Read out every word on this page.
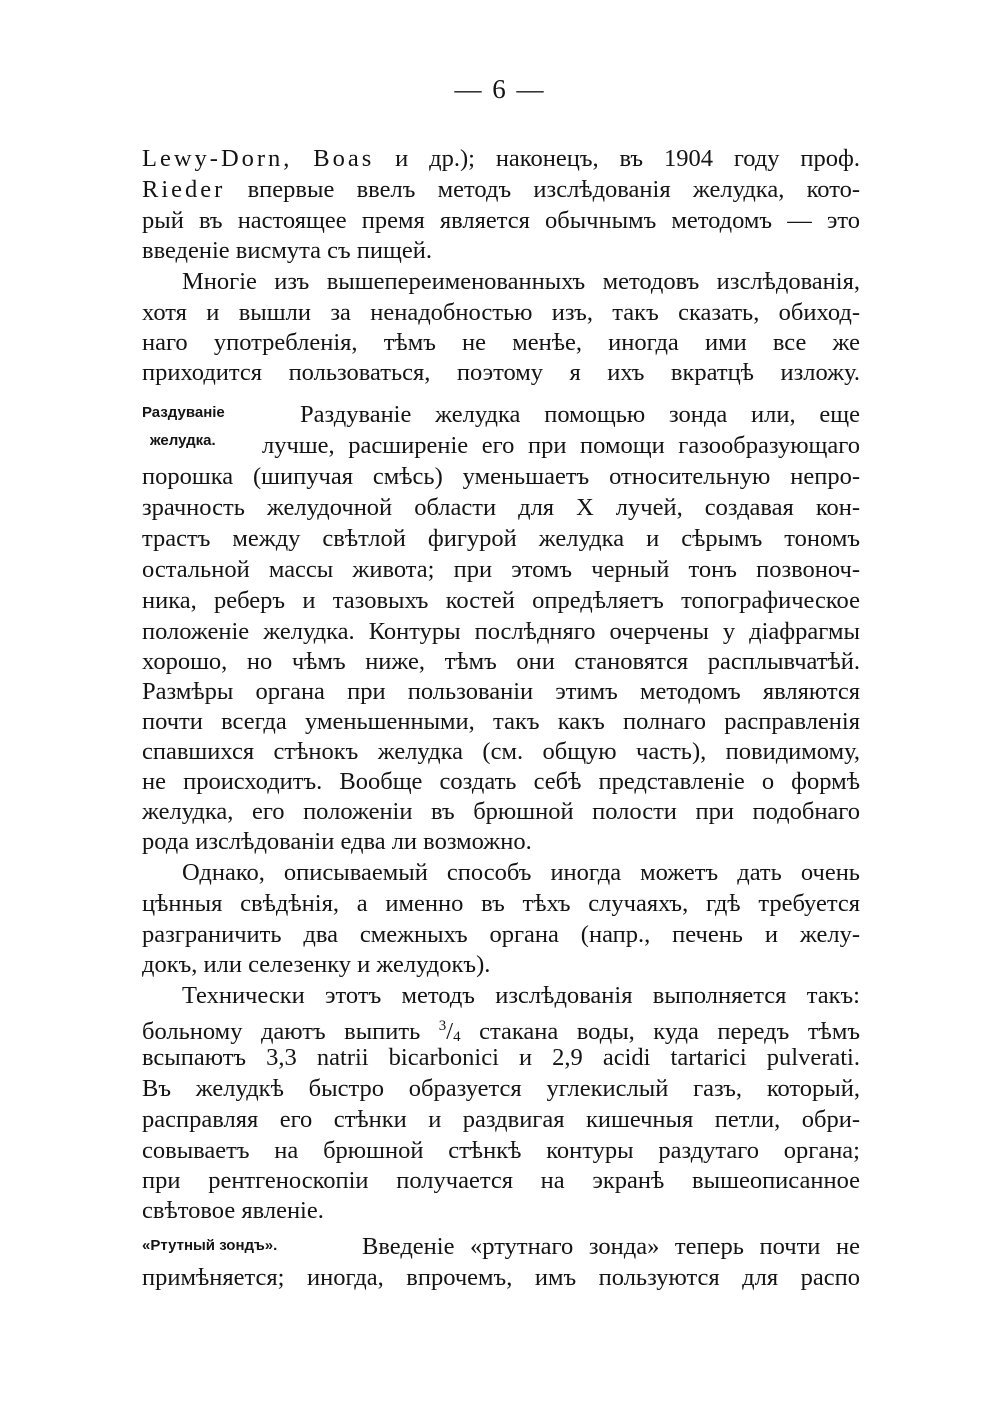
— 6 —
Lewy-Dorn, Boas и др.); наконецъ, въ 1904 году проф.
Rieder впервые ввелъ методъ изслѣдованія желудка, кото-
рый въ настоящее премя является обычнымъ методомъ — это
введеніе висмута съ пищей.
Многіе изъ вышепереименованныхъ методовъ изслѣдованія,
хотя и вышли за ненадобностью изъ, такъ сказать, обиход-
наго употребленія, тѣмъ не менѣе, иногда ими все же
приходится пользоваться, поэтому я ихъ вкратцѣ изложу.
Раздуваніе
желудка.
Раздуваніе желудка помощью зонда или, еще
лучше, расширеніе его при помощи газообразующаго
порошка (шипучая смѣсь) уменьшаетъ относительную непро-
зрачность желудочной области для X лучей, создавая кон-
трастъ между свѣтлой фигурой желудка и сѣрымъ тономъ
остальной массы живота; при этомъ черный тонъ позвоноч-
ника, реберъ и тазовыхъ костей опредѣляетъ топографическое
положеніе желудка. Контуры послѣдняго очерчены у діафрагмы
хорошо, но чѣмъ ниже, тѣмъ они становятся расплывчатѣй.
Размѣры органа при пользованіи этимъ методомъ являются
почти всегда уменьшенными, такъ какъ полнаго расправленія
спавшихся стѣнокъ желудка (см. общую часть), повидимому,
не происходитъ. Вообще создать себѣ представленіе о формѣ
желудка, его положеніи въ брюшной полости при подобнаго
рода изслѣдованіи едва ли возможно.
Однако, описываемый способъ иногда можетъ дать очень
цѣнныя свѣдѣнія, а именно въ тѣхъ случаяхъ, гдѣ требуется
разграничить два смежныхъ органа (напр., печень и желу-
докъ, или селезенку и желудокъ).
Технически этотъ методъ изслѣдованія выполняется такъ:
больному даютъ выпить $^3/_4$ стакана воды, куда передъ тѣмъ
всыпаютъ 3,3 natrii bicarbonici и 2,9 acidi tartarici pulverati.
Въ желудкѣ быстро образуется углекислый газъ, который,
расправляя его стѣнки и раздвигая кишечныя петли, обри-
совываетъ на брюшной стѣнкѣ контуры раздутаго органа;
при рентгеноскопіи получается на экранѣ вышеописанное
свѣтовое явленіе.
«Ртутный зондъ».	Введеніе «ртутнаго зонда» теперь почти не
примѣняется; иногда, впрочемъ, имъ пользуются для распо
